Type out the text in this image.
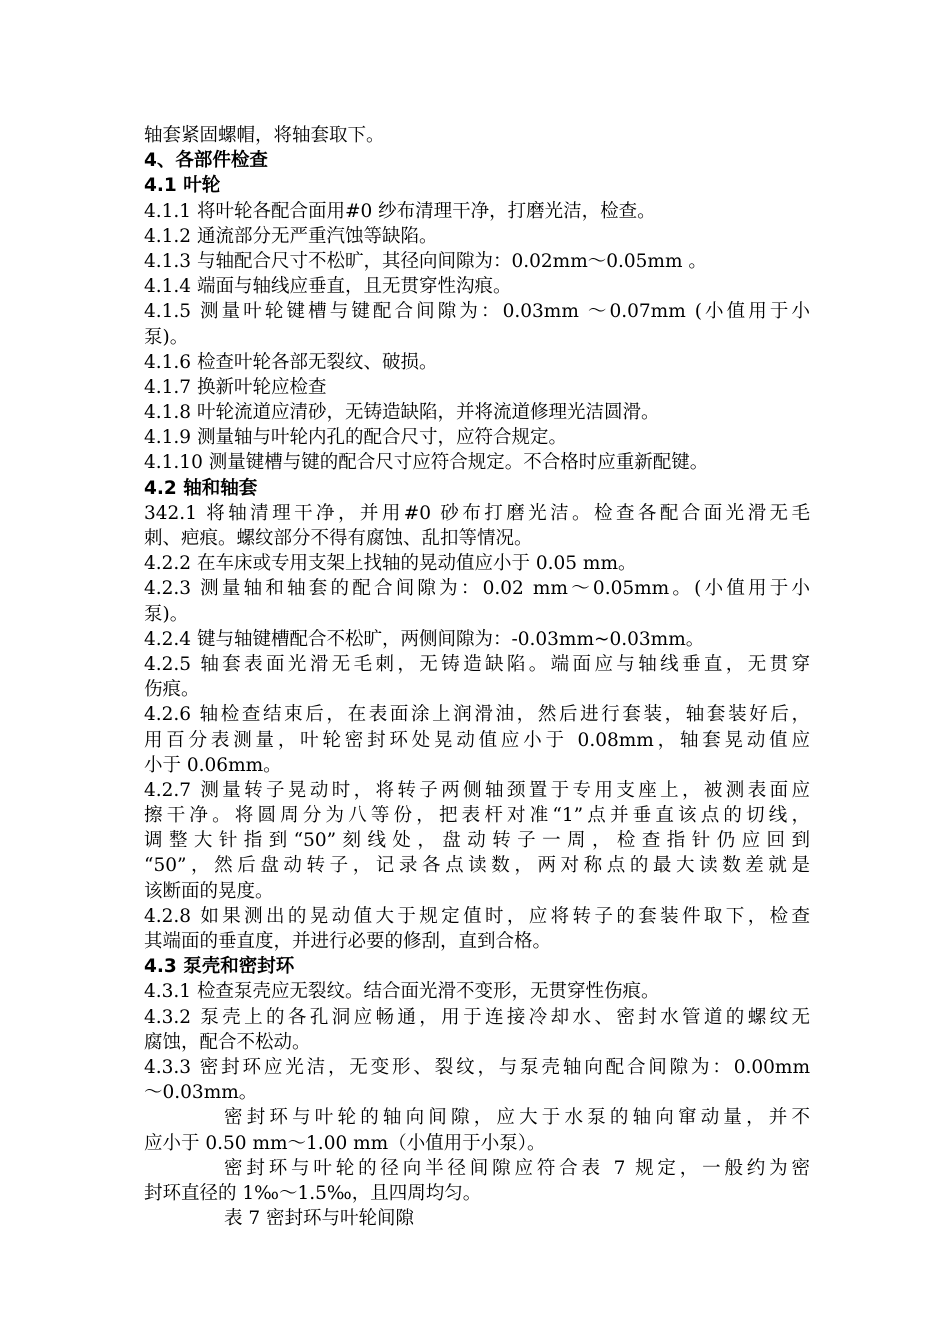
轴套紧固螺帽，将轴套取下。
4、各部件检查
4.1 叶轮
4.1.1 将叶轮各配合面用#0 纱布清理干净，打磨光洁，检查。
4.1.2 通流部分无严重汽蚀等缺陷。
4.1.3 与轴配合尺寸不松旷，其径向间隙为：0.02mm～0.05mm 。
4.1.4 端面与轴线应垂直，且无贯穿性沟痕。
4.1.5 测量叶轮键槽与键配合间隙为：0.03mm ～0.07mm (小值用于小
泵)。
4.1.6 检查叶轮各部无裂纹、破损。
4.1.7 换新叶轮应检查
4.1.8 叶轮流道应清砂，无铸造缺陷，并将流道修理光洁圆滑。
4.1.9 测量轴与叶轮内孔的配合尺寸，应符合规定。
4.1.10 测量键槽与键的配合尺寸应符合规定。不合格时应重新配键。
4.2 轴和轴套
342.1 将轴清理干净，并用#0 砂布打磨光洁。检查各配合面光滑无毛
刺、疤痕。螺纹部分不得有腐蚀、乱扣等情况。
4.2.2 在车床或专用支架上找轴的晃动值应小于 0.05 mm。
4.2.3 测量轴和轴套的配合间隙为：0.02 mm～0.05mm。(小值用于小
泵)。
4.2.4 键与轴键槽配合不松旷，两侧间隙为：-0.03mm~0.03mm。
4.2.5 轴套表面光滑无毛刺，无铸造缺陷。端面应与轴线垂直，无贯穿
伤痕。
4.2.6 轴检查结束后，在表面涂上润滑油，然后进行套装，轴套装好后，
用百分表测量，叶轮密封环处晃动值应小于 0.08mm，轴套晃动值应
小于 0.06mm。
4.2.7 测量转子晃动时，将转子两侧轴颈置于专用支座上，被测表面应
擦干净。将圆周分为八等份，把表杆对准“1”点并垂直该点的切线，
调整大针指到“50”刻线处，盘动转子一周，检查指针仍应回到
“50”，然后盘动转子，记录各点读数，两对称点的最大读数差就是
该断面的晃度。
4.2.8 如果测出的晃动值大于规定值时，应将转子的套装件取下，检查
其端面的垂直度，并进行必要的修刮，直到合格。
4.3 泵壳和密封环
4.3.1 检查泵壳应无裂纹。结合面光滑不变形，无贯穿性伤痕。
4.3.2 泵壳上的各孔洞应畅通，用于连接冷却水、密封水管道的螺纹无
腐蚀，配合不松动。
4.3.3 密封环应光洁，无变形、裂纹，与泵壳轴向配合间隙为：0.00mm
～0.03mm。
密封环与叶轮的轴向间隙，应大于水泵的轴向窜动量，并不
应小于 0.50 mm～1.00 mm（小值用于小泵）。
密封环与叶轮的径向半径间隙应符合表 7 规定，一般约为密
封环直径的 1‰～1.5‰，且四周均匀。
表 7 密封环与叶轮间隙
